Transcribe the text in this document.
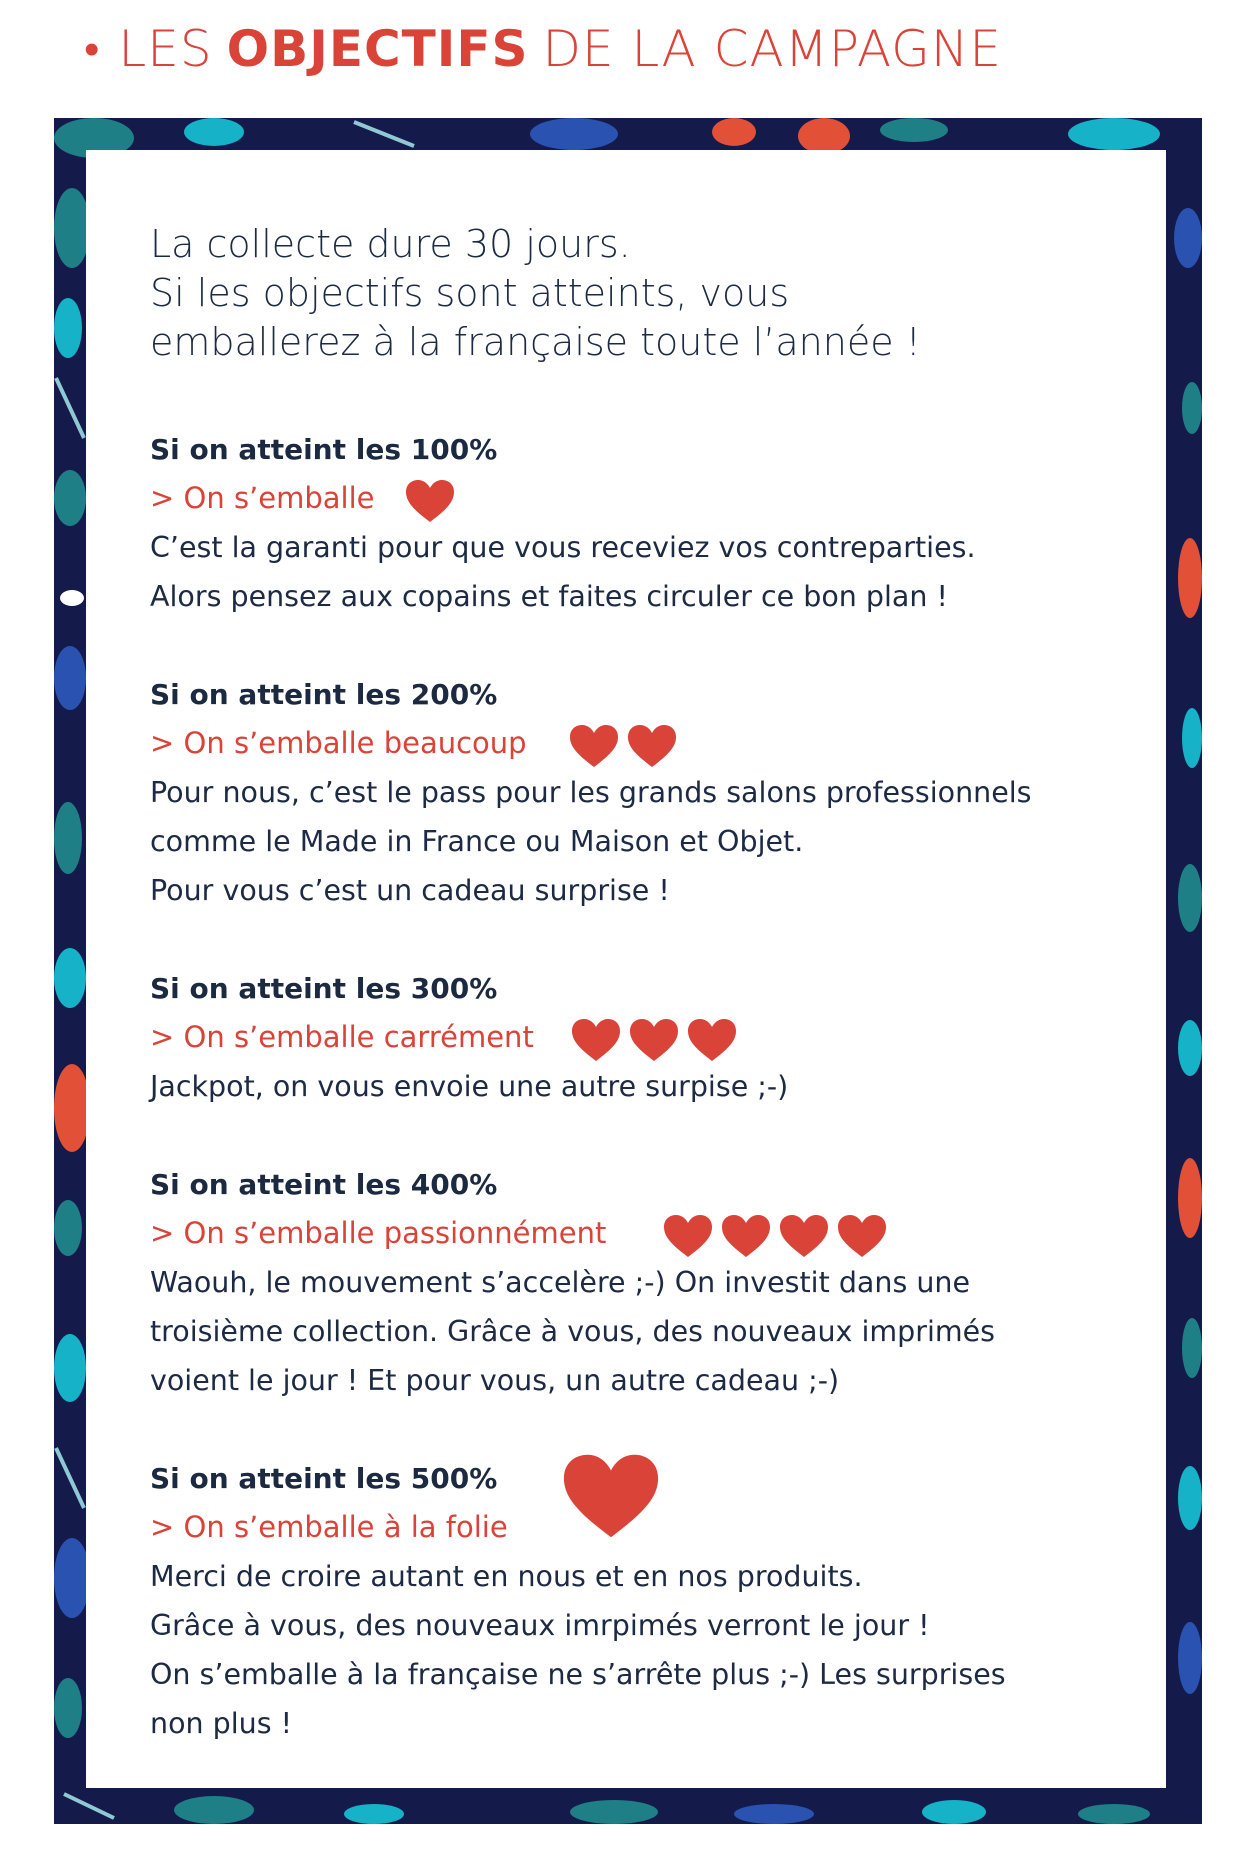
• LES OBJECTIFS DE LA CAMPAGNE
La collecte dure 30 jours.
Si les objectifs sont atteints, vous
emballerez à la française toute l’année !
Si on atteint les 100%
> On s’emballe
C’est la garanti pour que vous receviez vos contreparties.
Alors pensez aux copains et faites circuler ce bon plan !
Si on atteint les 200%
> On s’emballe beaucoup
Pour nous, c’est le pass pour les grands salons professionnels
comme le Made in France ou Maison et Objet.
Pour vous c’est un cadeau surprise !
Si on atteint les 300%
> On s’emballe carrément
Jackpot, on vous envoie une autre surpise ;-)
Si on atteint les 400%
> On s’emballe passionnément
Waouh, le mouvement s’accelère ;-) On investit dans une
troisième collection. Grâce à vous, des nouveaux imprimés
voient le jour ! Et pour vous, un autre cadeau ;-)
Si on atteint les 500%
> On s’emballe à la folie
Merci de croire autant en nous et en nos produits.
Grâce à vous, des nouveaux imrpimés verront le jour !
On s’emballe à la française ne s’arrête plus ;-) Les surprises
non plus !
